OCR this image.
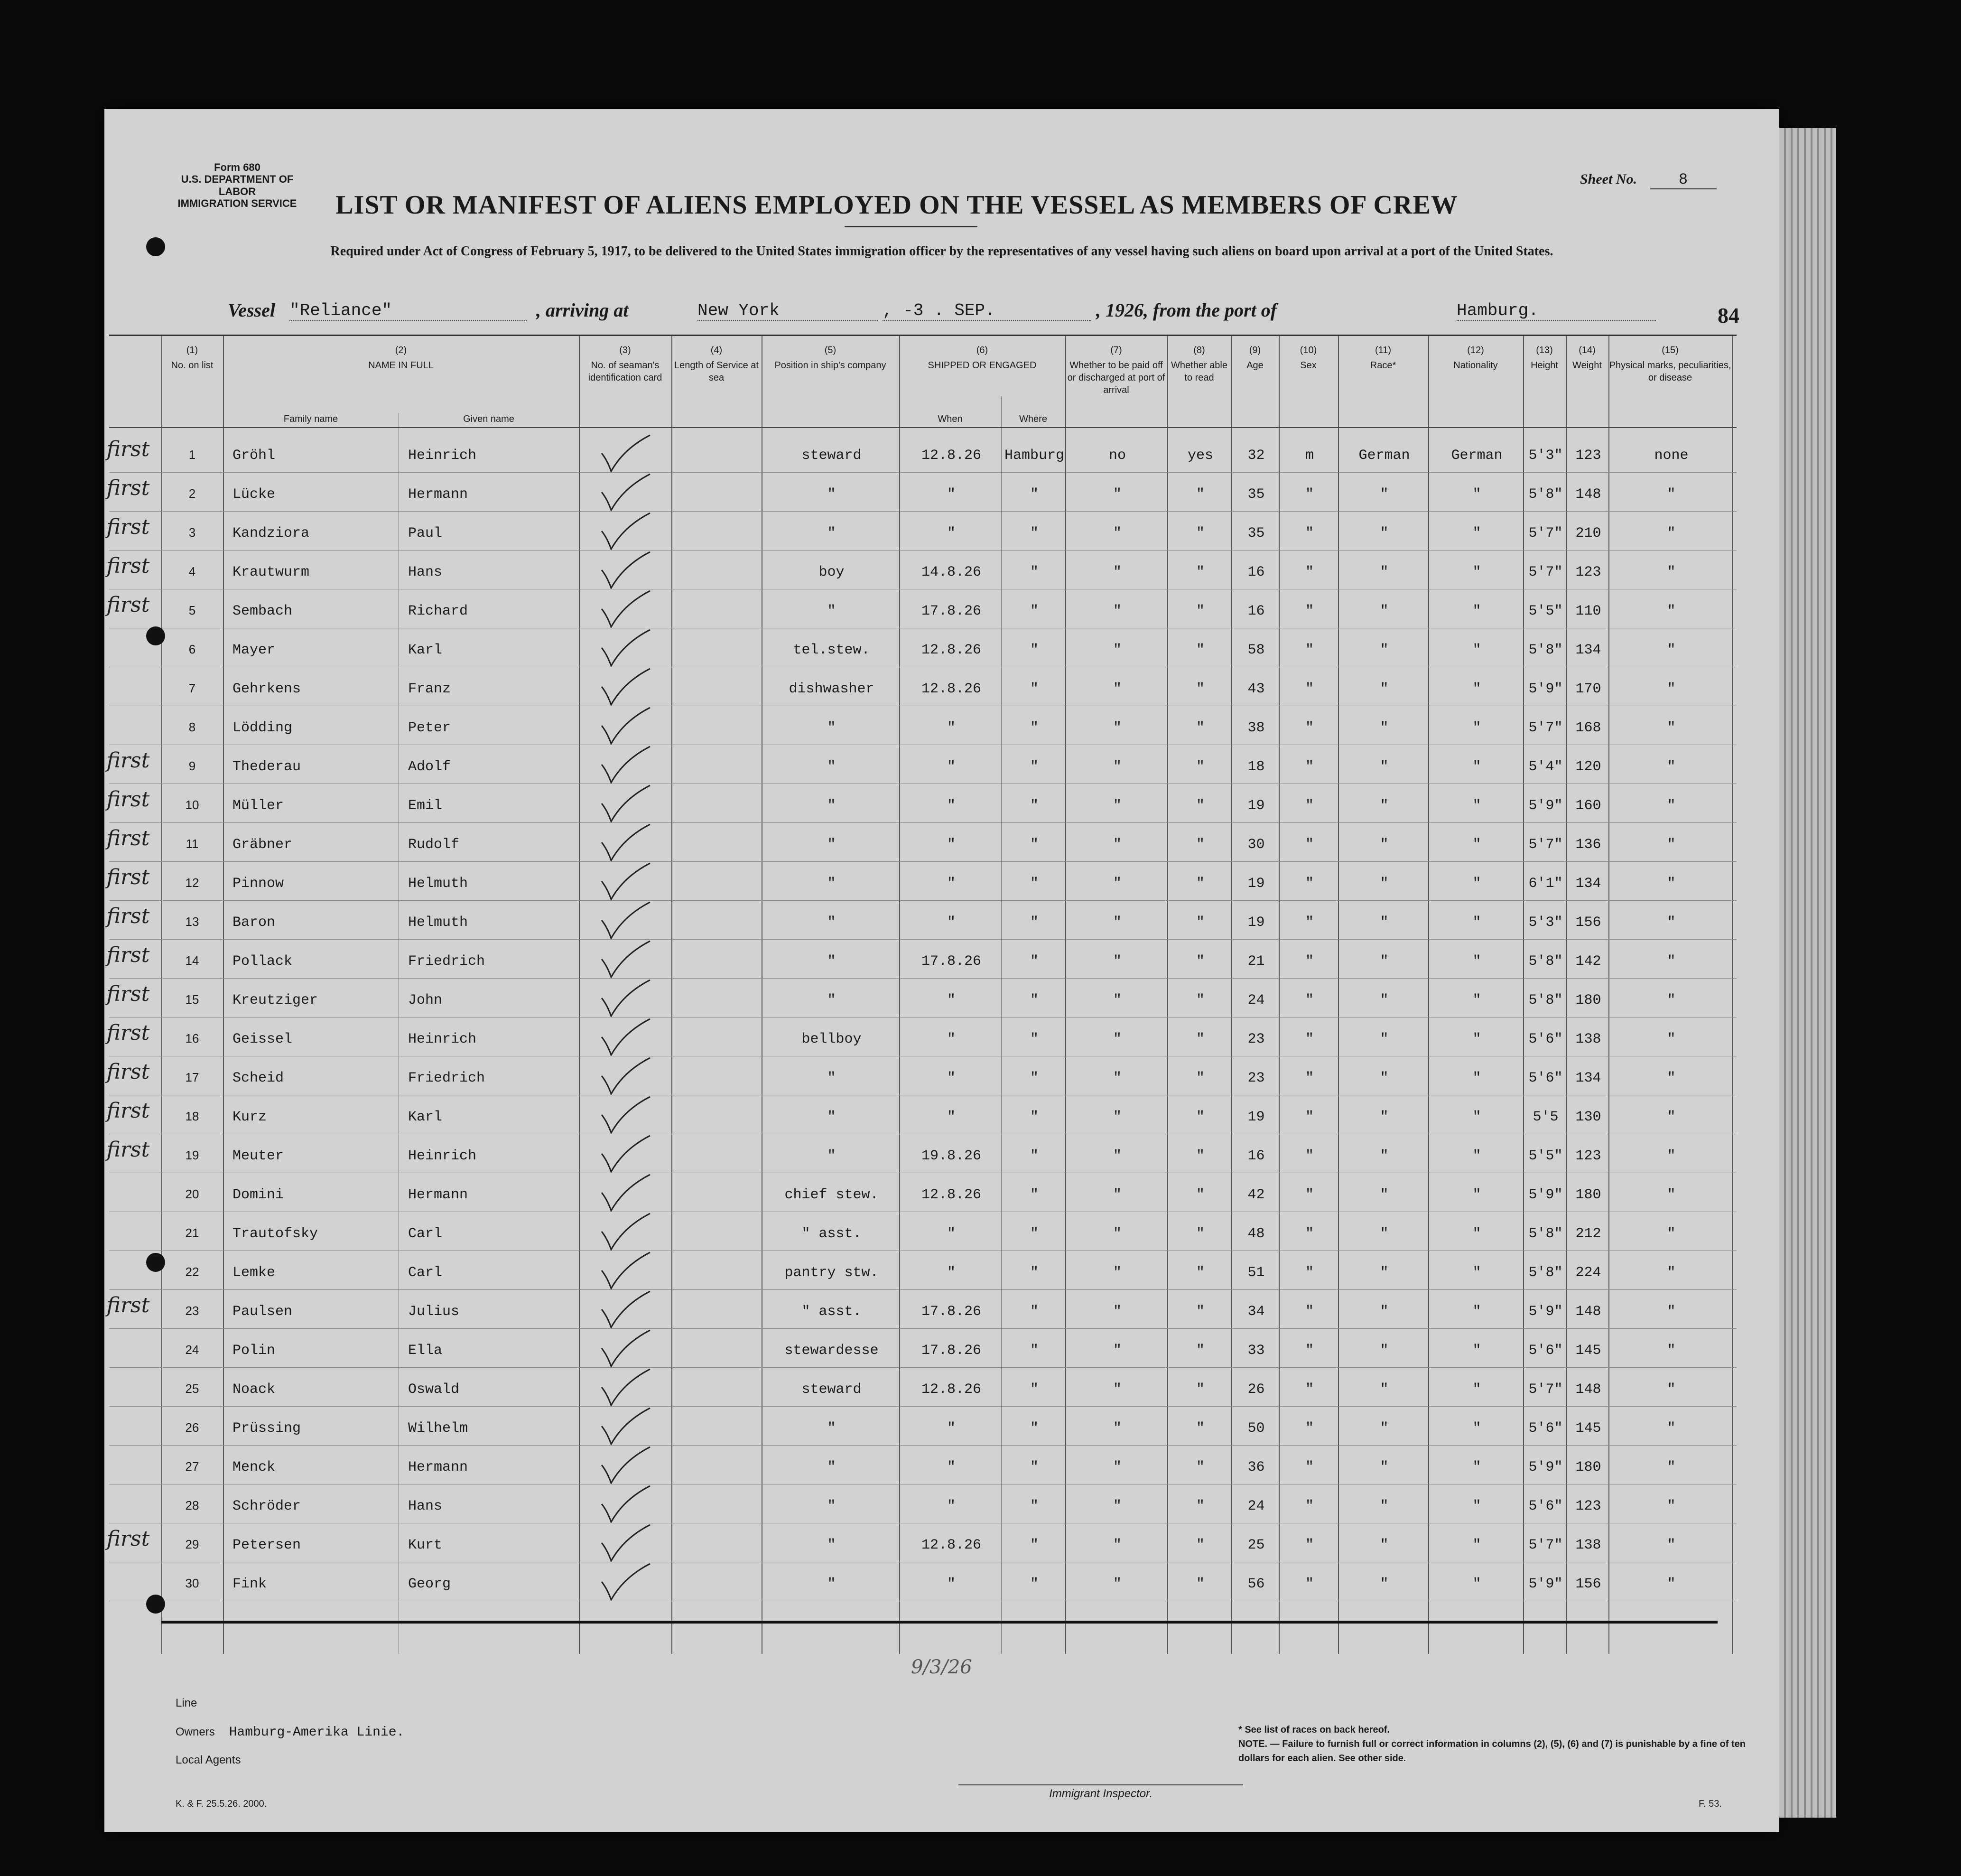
Form 680
U.S. DEPARTMENT OF LABOR
IMMIGRATION SERVICE
Sheet No.	8
LIST OR MANIFEST OF ALIENS EMPLOYED ON THE VESSEL AS MEMBERS OF CREW
Required under Act of Congress of February 5, 1917, to be delivered to the United States immigration officer by the representatives of any vessel having such aliens on board upon arrival at a port of the United States.
Vessel "Reliance"	, arriving at	New York	, -3 . SEP.	, 1926, from the port of	Hamburg.	84
(1)
No. on list
(2)
NAME IN FULL
Family name	Given name
(3)
No. of seaman's identification card
(4)
Length of Service at sea
(5)
Position in ship's company
(6)
SHIPPED OR ENGAGED
When	Where
(7)
Whether to be paid off or discharged at port of arrival
(8)
Whether able to read
(9)
Age
(10)
Sex
(11)
Race*
(12)
Nationality
(13)
Height
(14)
Weight
(15)
Physical marks, peculiarities, or disease
first	1	Gröhl	Heinrich	steward	12.8.26	Hamburg	no	yes	32	m	German	German	5'3" 123	none
first	2	Lücke	Hermann	"	"	"	"	"	35	"	"	"	5'8" 148	"
first	3	Kandziora	Paul	"	"	"	"	"	35	"	"	"	5'7" 210	"
first	4	Krautwurm	Hans	boy	14.8.26	"	"	"	16	"	"	"	5'7" 123	"
first	5	Sembach	Richard	"	17.8.26	"	"	"	16	"	"	"	5'5" 110	"
6	Mayer	Karl	tel.stew.	12.8.26	"	"	"	58	"	"	"	5'8" 134	"
7	Gehrkens	Franz	dishwasher	12.8.26	"	"	"	43	"	"	"	5'9" 170	"
8	Lödding	Peter	"	"	"	"	"	38	"	"	"	5'7" 168	"
first	9	Thederau	Adolf	"	"	"	"	"	18	"	"	"	5'4" 120	"
first	10	Müller	Emil	"	"	"	"	"	19	"	"	"	5'9" 160	"
first	11	Gräbner	Rudolf	"	"	"	"	"	30	"	"	"	5'7" 136	"
first	12	Pinnow	Helmuth	"	"	"	"	"	19	"	"	"	6'1" 134	"
first	13	Baron	Helmuth	"	"	"	"	"	19	"	"	"	5'3" 156	"
first	14	Pollack	Friedrich	"	17.8.26	"	"	"	21	"	"	"	5'8" 142	"
first	15	Kreutziger	John	"	"	"	"	"	24	"	"	"	5'8" 180	"
first	16	Geissel	Heinrich	bellboy	"	"	"	"	23	"	"	"	5'6" 138	"
first	17	Scheid	Friedrich	"	"	"	"	"	23	"	"	"	5'6" 134	"
first	18	Kurz	Karl	"	"	"	"	"	19	"	"	"	5'5	130	"
first	19	Meuter	Heinrich	"	19.8.26	"	"	"	16	"	"	"	5'5" 123	"
20	Domini	Hermann	chief stew.	12.8.26	"	"	"	42	"	"	"	5'9" 180	"
21	Trautofsky	Carl	" asst.	"	"	"	"	48	"	"	"	5'8" 212	"
22	Lemke	Carl	pantry stw.	"	"	"	"	51	"	"	"	5'8" 224	"
first	23	Paulsen	Julius	" asst.	17.8.26	"	"	"	34	"	"	"	5'9" 148	"
24	Polin	Ella	stewardesse	17.8.26	"	"	"	33	"	"	"	5'6" 145	"
25	Noack	Oswald	steward	12.8.26	"	"	"	26	"	"	"	5'7" 148	"
26	Prüssing	Wilhelm	"	"	"	"	"	50	"	"	"	5'6" 145	"
27	Menck	Hermann	"	"	"	"	"	36	"	"	"	5'9" 180	"
28	Schröder	Hans	"	"	"	"	"	24	"	"	"	5'6" 123	"
first	29	Petersen	Kurt	"	12.8.26	"	"	"	25	"	"	"	5'7" 138	"
30	Fink	Georg	"	"	"	"	"	56	"	"	"	5'9" 156	"
9/3/26
Line
Owners Hamburg-Amerika Linie.
Local Agents
Immigrant Inspector.
* See list of races on back hereof.
NOTE. — Failure to furnish full or correct information in columns (2), (5), (6) and (7) is punishable by a fine of ten dollars for each alien. See other side.
K. & F. 25.5.26. 2000.	F. 53.
